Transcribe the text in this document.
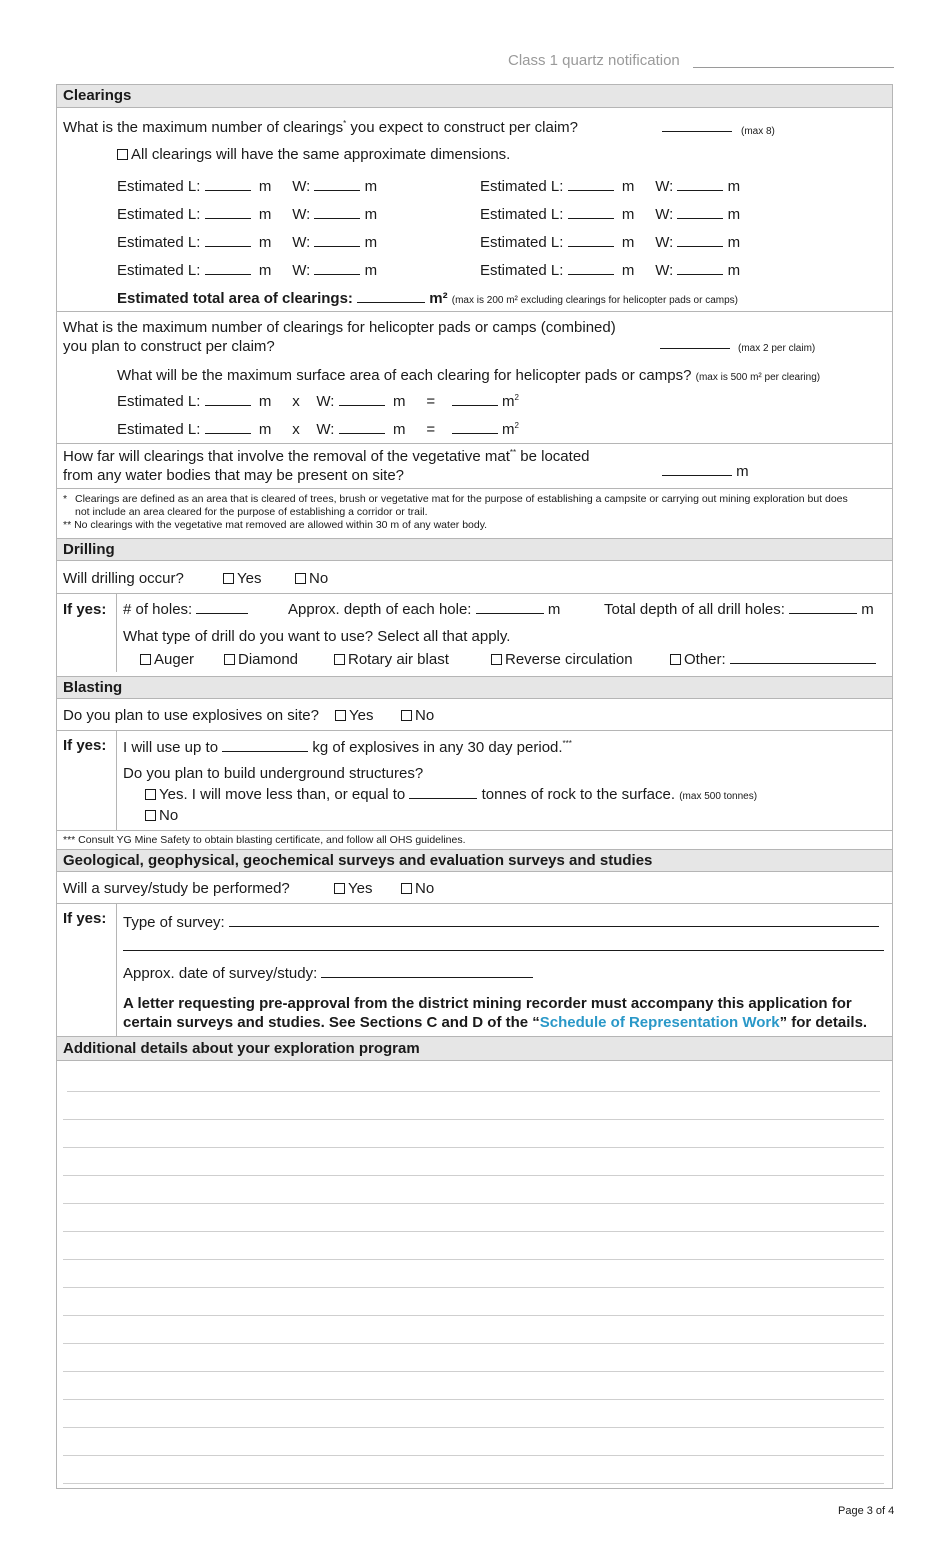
Class 1 quartz notification
Clearings
What is the maximum number of clearings* you expect to construct per claim?	(max 8)
All clearings will have the same approximate dimensions.
Estimated L:	m W:	m	Estimated L:	m W:	m
Estimated L:	m W:	m	Estimated L:	m W:	m
Estimated L:	m W:	m	Estimated L:	m W:	m
Estimated L:	m W:	m	Estimated L:	m W:	m
Estimated total area of clearings:	m² (max is 200 m² excluding clearings for helicopter pads or camps)
What is the maximum number of clearings for helicopter pads or camps (combined)
you plan to construct per claim?	(max 2 per claim)
What will be the maximum surface area of each clearing for helicopter pads or camps? (max is 500 m² per clearing)
Estimated L:	m x W:	m =	$m^2$
Estimated L:	m x W:	m =	$m^2$
How far will clearings that involve the removal of the vegetative mat** be located
from any water bodies that may be present on site?	m
* Clearings are defined as an area that is cleared of trees, brush or vegetative mat for the purpose of establishing a campsite or carrying out mining exploration but does
not include an area cleared for the purpose of establishing a corridor or trail.
** No clearings with the vegetative mat removed are allowed within 30 m of any water body.
Drilling
Will drilling occur?	Yes	No
If yes: # of holes:	Approx. depth of each hole:	m	Total depth of all drill holes:	m
What type of drill do you want to use? Select all that apply.
Auger	Diamond	Rotary air blast	Reverse circulation	Other:
Blasting
Do you plan to use explosives on site?	Yes	No
If yes: I will use up to	kg of explosives in any 30 day period.***
Do you plan to build underground structures?
Yes. I will move less than, or equal to	tonnes of rock to the surface. (max 500 tonnes)
No
*** Consult YG Mine Safety to obtain blasting certificate, and follow all OHS guidelines.
Geological, geophysical, geochemical surveys and evaluation surveys and studies
Will a survey/study be performed?	Yes	No
If yes: Type of survey:
Approx. date of survey/study:
A letter requesting pre-approval from the district mining recorder must accompany this application for
certain surveys and studies. See Sections C and D of the “Schedule of Representation Work” for details.
Additional details about your exploration program
Page 3 of 4
